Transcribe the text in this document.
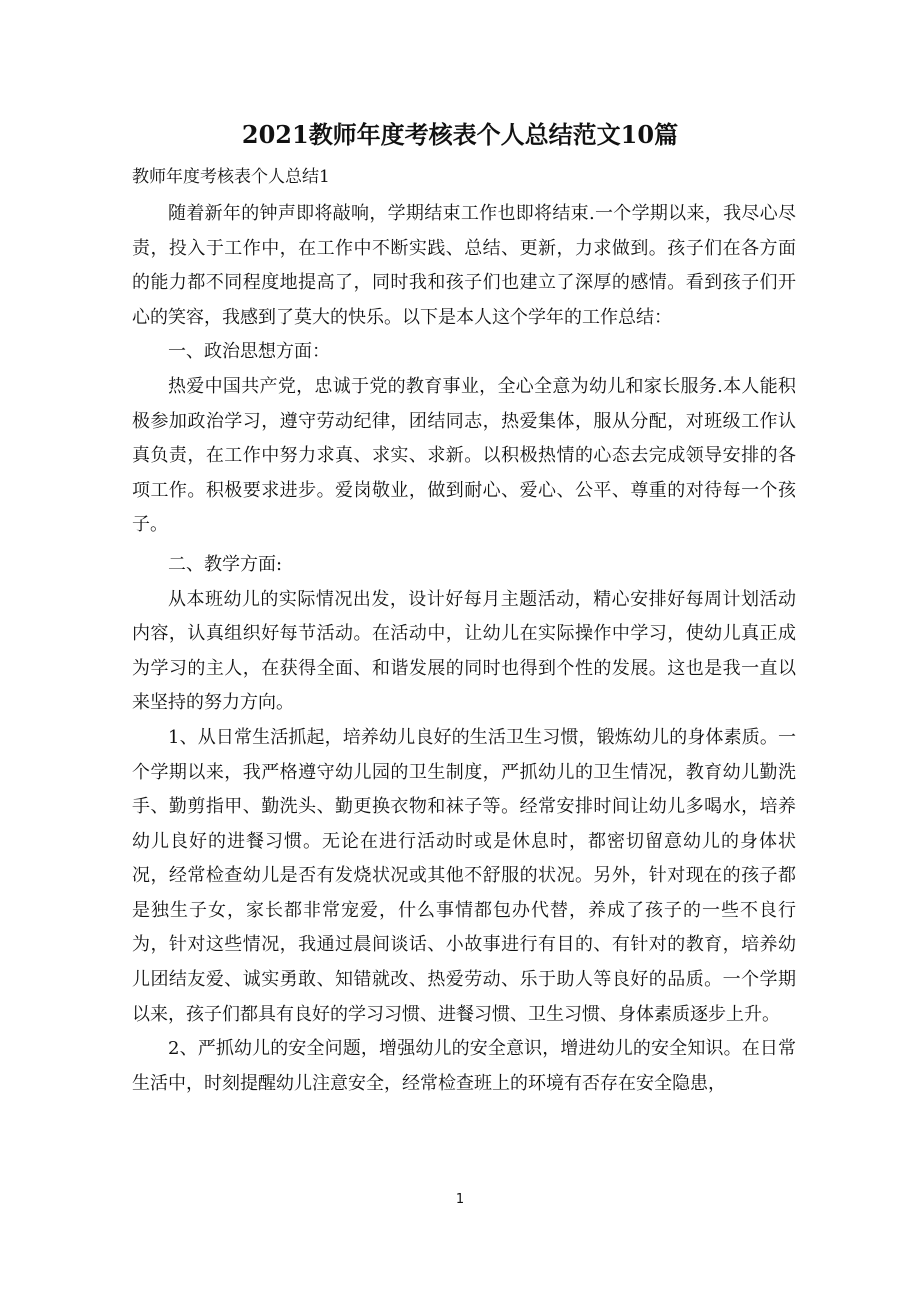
2021教师年度考核表个人总结范文10篇
教师年度考核表个人总结1

随着新年的钟声即将敲响，学期结束工作也即将结束.一个学期以来，我尽心尽责，投入于工作中，在工作中不断实践、总结、更新，力求做到。孩子们在各方面的能力都不同程度地提高了，同时我和孩子们也建立了深厚的感情。看到孩子们开心的笑容，我感到了莫大的快乐。以下是本人这个学年的工作总结：

一、政治思想方面：

热爱中国共产党，忠诚于党的教育事业，全心全意为幼儿和家长服务.本人能积极参加政治学习，遵守劳动纪律，团结同志，热爱集体，服从分配，对班级工作认真负责，在工作中努力求真、求实、求新。以积极热情的心态去完成领导安排的各项工作。积极要求进步。爱岗敬业，做到耐心、爱心、公平、尊重的对待每一个孩子。

二、教学方面:

从本班幼儿的实际情况出发，设计好每月主题活动，精心安排好每周计划活动内容，认真组织好每节活动。在活动中，让幼儿在实际操作中学习，使幼儿真正成为学习的主人，在获得全面、和谐发展的同时也得到个性的发展。这也是我一直以来坚持的努力方向。

1、从日常生活抓起，培养幼儿良好的生活卫生习惯，锻炼幼儿的身体素质。一个学期以来，我严格遵守幼儿园的卫生制度，严抓幼儿的卫生情况，教育幼儿勤洗手、勤剪指甲、勤洗头、勤更换衣物和袜子等。经常安排时间让幼儿多喝水，培养幼儿良好的进餐习惯。无论在进行活动时或是休息时，都密切留意幼儿的身体状况，经常检查幼儿是否有发烧状况或其他不舒服的状况。另外，针对现在的孩子都是独生子女，家长都非常宠爱，什么事情都包办代替，养成了孩子的一些不良行为，针对这些情况，我通过晨间谈话、小故事进行有目的、有针对的教育，培养幼儿团结友爱、诚实勇敢、知错就改、热爱劳动、乐于助人等良好的品质。一个学期以来，孩子们都具有良好的学习习惯、进餐习惯、卫生习惯、身体素质逐步上升。

2、严抓幼儿的安全问题，增强幼儿的安全意识，增进幼儿的安全知识。在日常生活中，时刻提醒幼儿注意安全，经常检查班上的环境有否存在安全隐患，

1
